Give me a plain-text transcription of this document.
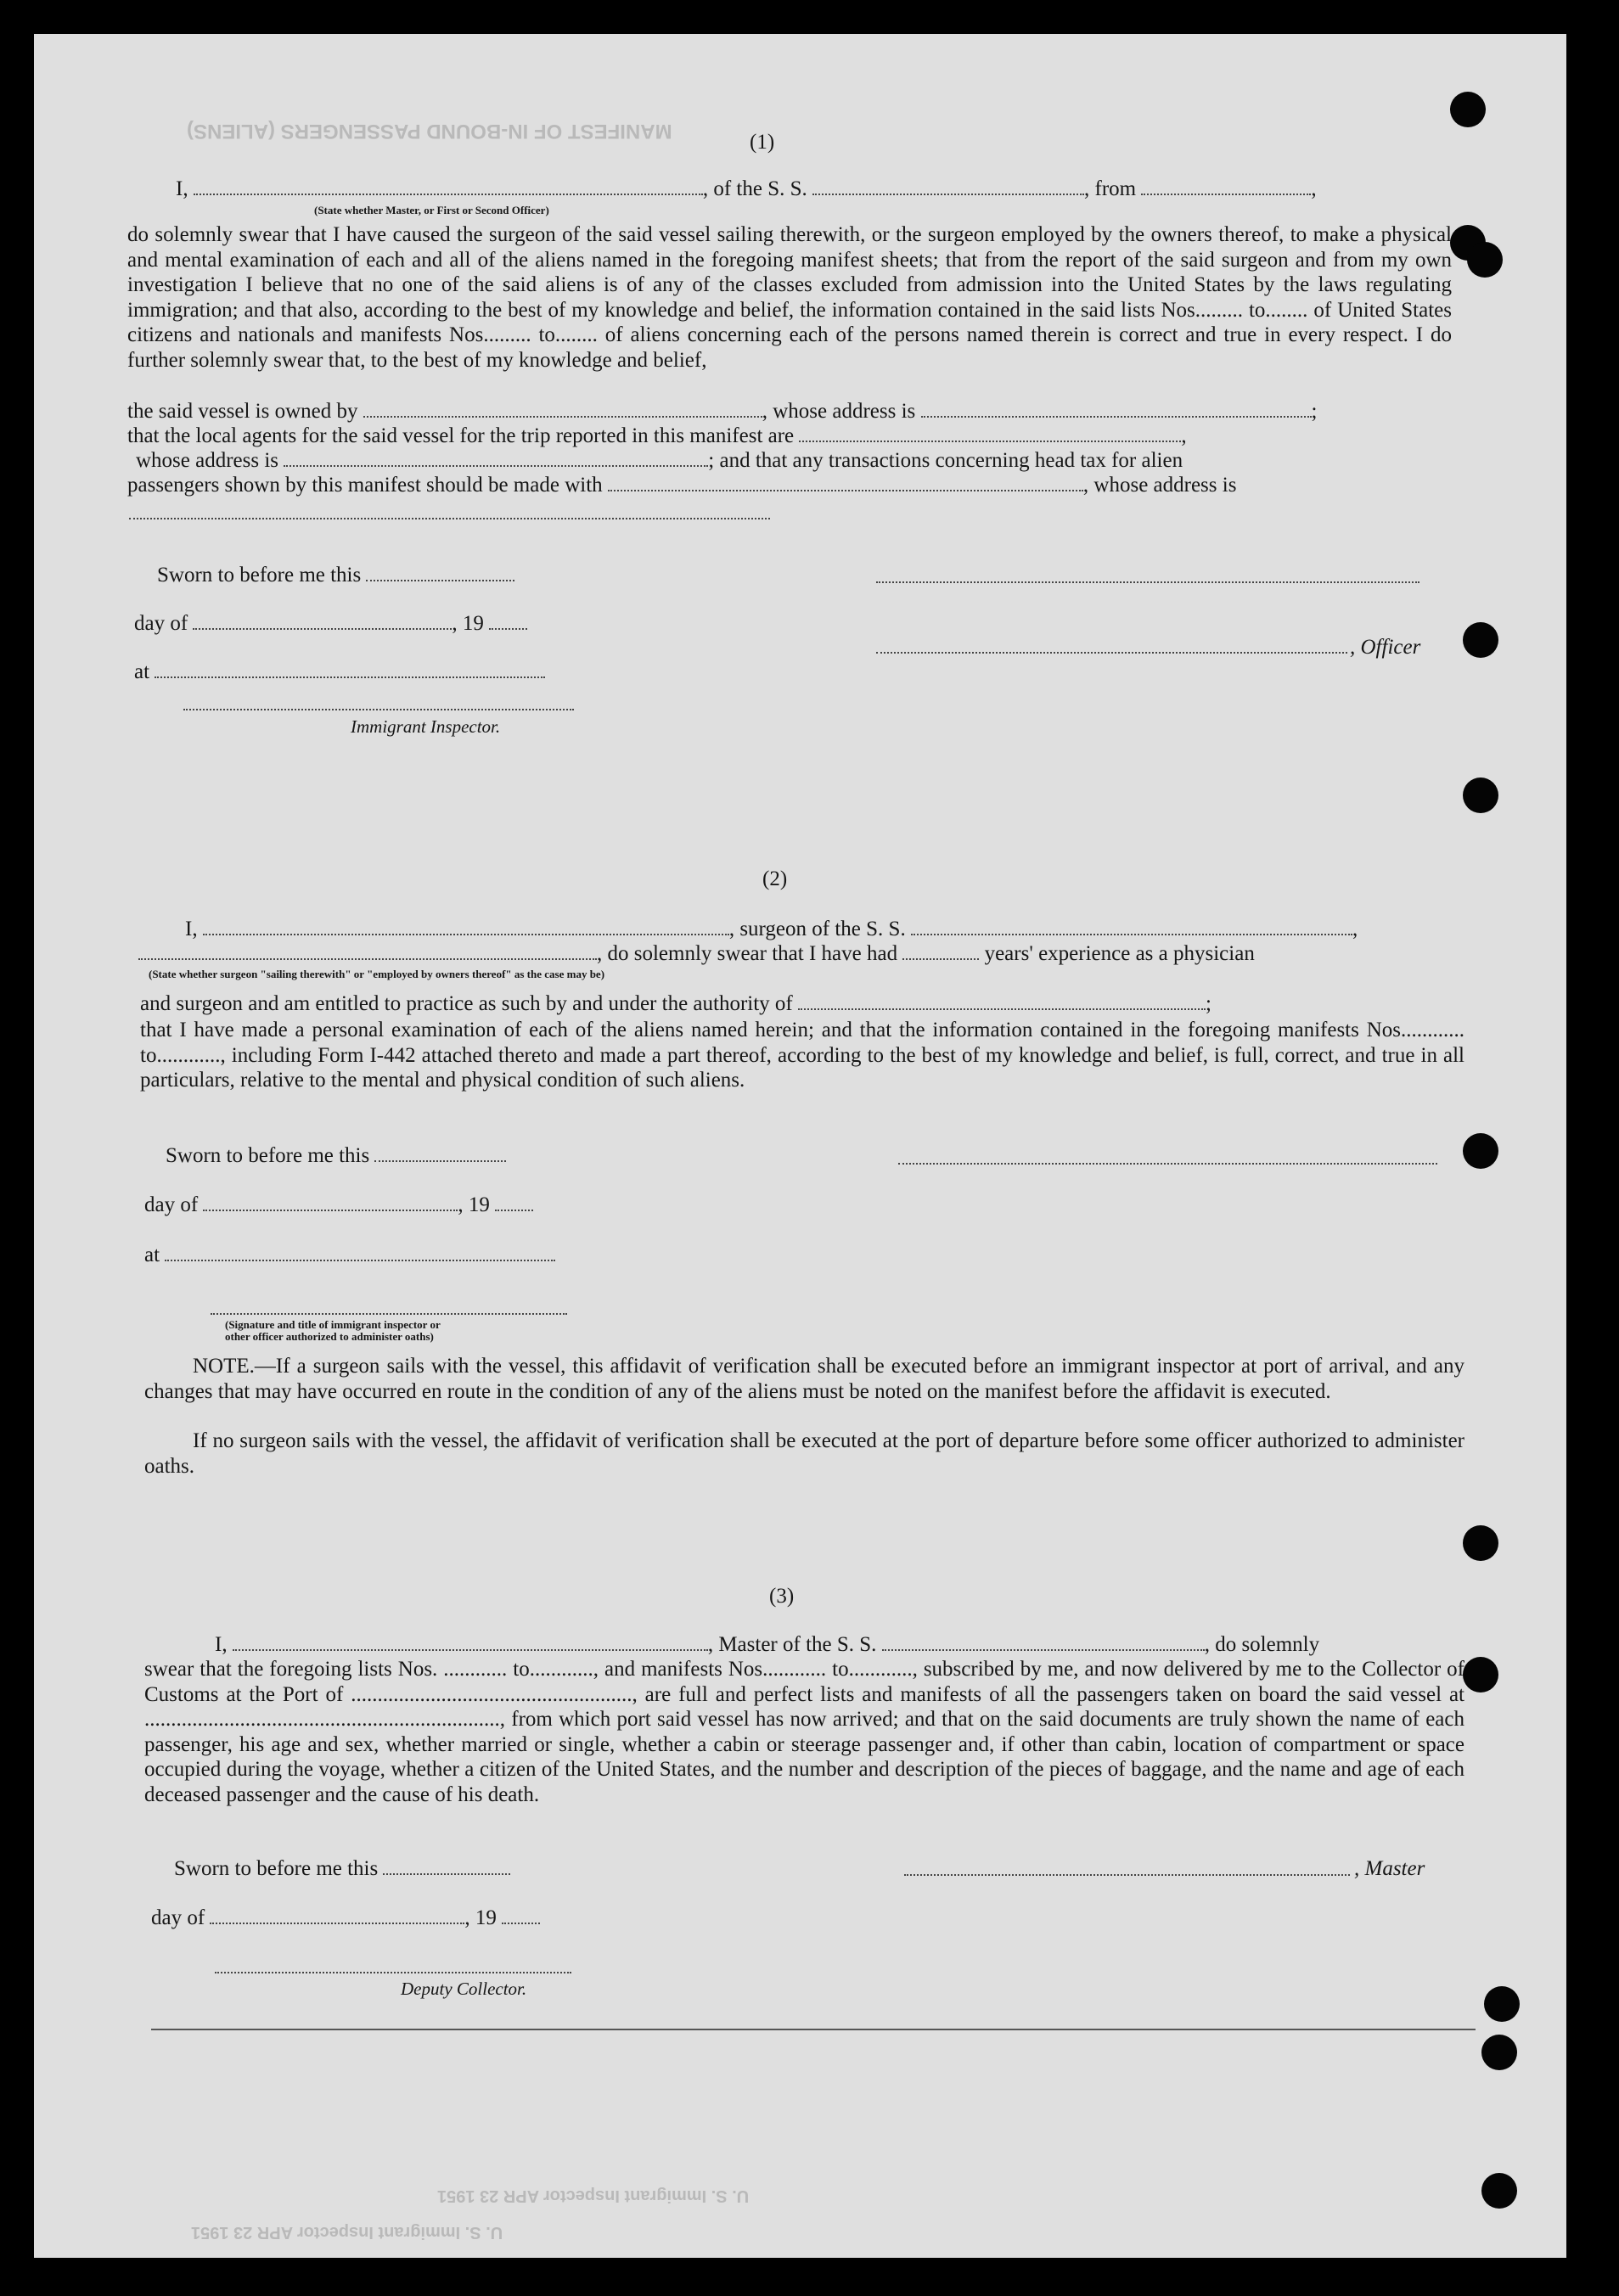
MANIFEST OF IN-BOUND PASSENGERS (ALIENS)	(1)
I,	, of the S. S.	, from	,
(State whether Master, or First or Second Officer)
do solemnly swear that I have caused the surgeon of the said vessel sailing therewith, or the surgeon employed by the owners thereof, to make a physical and mental examination of each and all of the aliens named in the foregoing manifest sheets; that from the report of the said surgeon and from my own investigation I believe that no one of the said aliens is of any of the classes excluded from admission into the United States by the laws regulating immigration; and that also, according to the best of my knowledge and belief, the information contained in the said lists Nos......... to........ of United States citizens and nationals and manifests Nos......... to........ of aliens concerning each of the persons named therein is correct and true in every respect. I do further solemnly swear that, to the best of my knowledge and belief,
the said vessel is owned by	, whose address is	;
that the local agents for the said vessel for the trip reported in this manifest are	,
whose address is	; and that any transactions concerning head tax for alien
passengers shown by this manifest should be made with	, whose address is
Sworn to before me this
day of	, 19
, Officer
at
Immigrant Inspector.
(2)
I,	, surgeon of the S. S.	,
, do solemnly swear that I have had	years' experience as a physician
(State whether surgeon "sailing therewith" or "employed by owners thereof" as the case may be)
and surgeon and am entitled to practice as such by and under the authority of	;
that I have made a personal examination of each of the aliens named herein; and that the information contained in the foregoing manifests Nos............ to............, including Form I-442 attached thereto and made a part thereof, according to the best of my knowledge and belief, is full, correct, and true in all particulars, relative to the mental and physical condition of such aliens.
Sworn to before me this
day of	, 19
at
(Signature and title of immigrant inspector or
other officer authorized to administer oaths)
NOTE.—If a surgeon sails with the vessel, this affidavit of verification shall be executed before an immigrant inspector at port of arrival, and any changes that may have occurred en route in the condition of any of the aliens must be noted on the manifest before the affidavit is executed.
If no surgeon sails with the vessel, the affidavit of verification shall be executed at the port of departure before some officer authorized to administer oaths.
(3)
I,	, Master of the S. S.	, do solemnly
swear that the foregoing lists Nos. ............ to............, and manifests Nos............ to............, subscribed by me, and now delivered by me to the Collector of Customs at the Port of ....................................................., are full and perfect lists and manifests of all the passengers taken on board the said vessel at ..................................................................., from which port said vessel has now arrived; and that on the said documents are truly shown the name of each passenger, his age and sex, whether married or single, whether a cabin or steerage passenger and, if other than cabin, location of compartment or space occupied during the voyage, whether a citizen of the United States, and the number and description of the pieces of baggage, and the name and age of each deceased passenger and the cause of his death.
Sworn to before me this	, Master
day of	, 19
Deputy Collector.
U. S. Immigrant Inspector APR 23 1951
U. S. Immigrant Inspector APR 23 1951
